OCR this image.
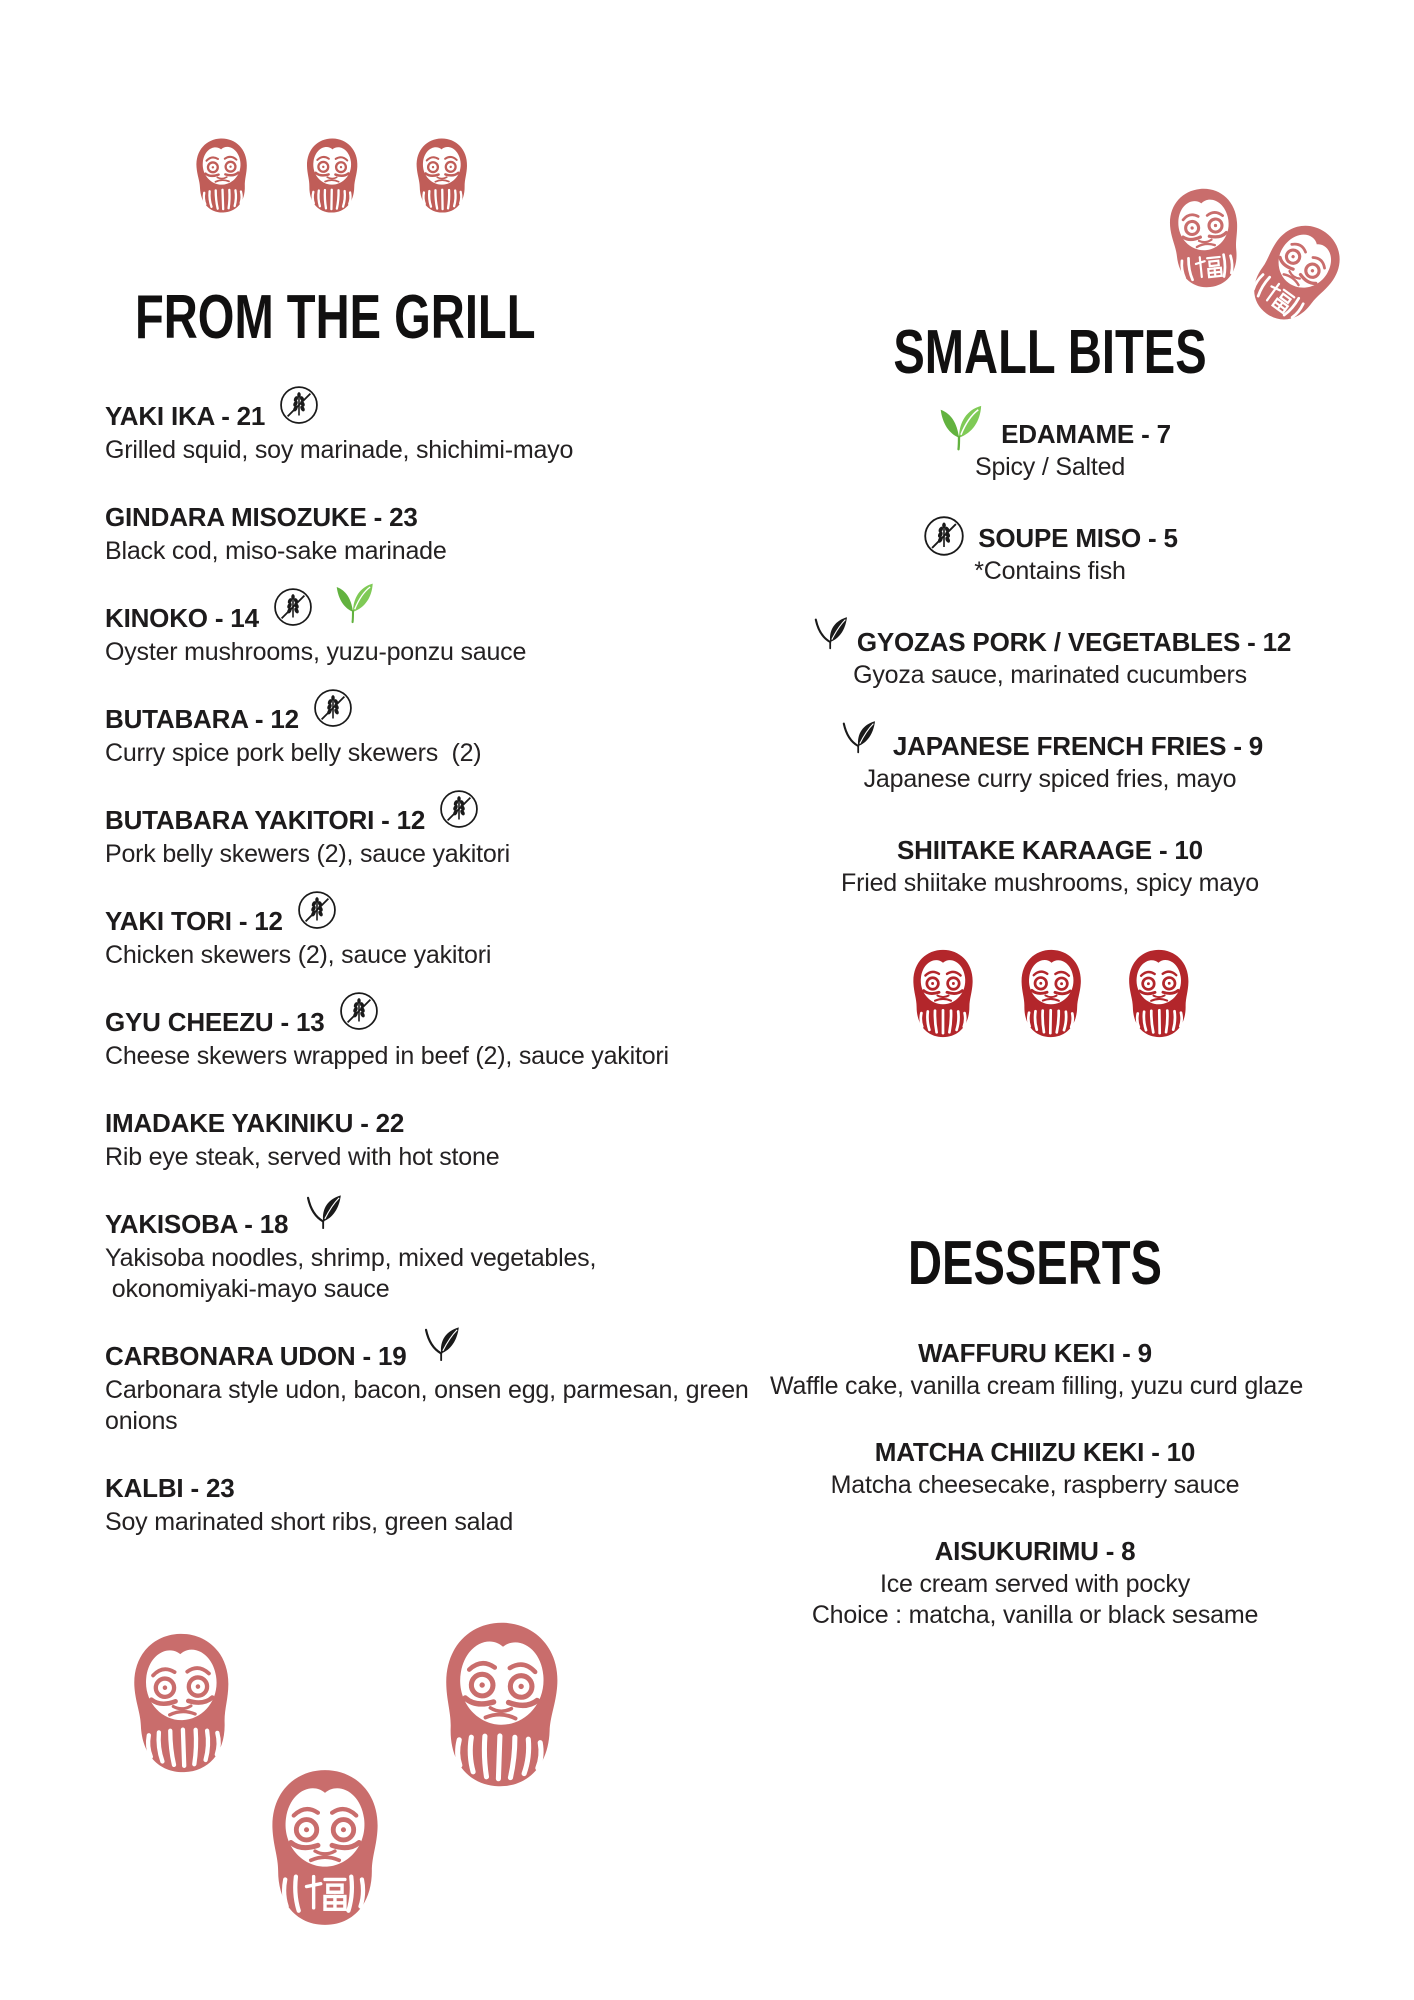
FROM THE GRILL
YAKI IKA - 21
Grilled squid, soy marinade, shichimi-mayo
GINDARA MISOZUKE - 23
Black cod, miso-sake marinade
KINOKO - 14
Oyster mushrooms, yuzu-ponzu sauce
BUTABARA - 12
Curry spice pork belly skewers  (2)
BUTABARA YAKITORI - 12
Pork belly skewers (2), sauce yakitori
YAKI TORI - 12
Chicken skewers (2), sauce yakitori
GYU CHEEZU - 13
Cheese skewers wrapped in beef (2), sauce yakitori
IMADAKE YAKINIKU - 22
Rib eye steak, served with hot stone
YAKISOBA - 18
Yakisoba noodles, shrimp, mixed vegetables,
okonomiyaki-mayo sauce
CARBONARA UDON - 19
Carbonara style udon, bacon, onsen egg, parmesan, green
onions
KALBI - 23
Soy marinated short ribs, green salad
SMALL BITES
EDAMAME - 7
Spicy / Salted
SOUPE MISO - 5
*Contains fish
GYOZAS PORK / VEGETABLES - 12
Gyoza sauce, marinated cucumbers
JAPANESE FRENCH FRIES - 9
Japanese curry spiced fries, mayo
SHIITAKE KARAAGE - 10
Fried shiitake mushrooms, spicy mayo
DESSERTS
WAFFURU KEKI - 9
Waffle cake, vanilla cream filling, yuzu curd glaze
MATCHA CHIIZU KEKI - 10
Matcha cheesecake, raspberry sauce
AISUKURIMU - 8
Ice cream served with pocky
Choice : matcha, vanilla or black sesame
